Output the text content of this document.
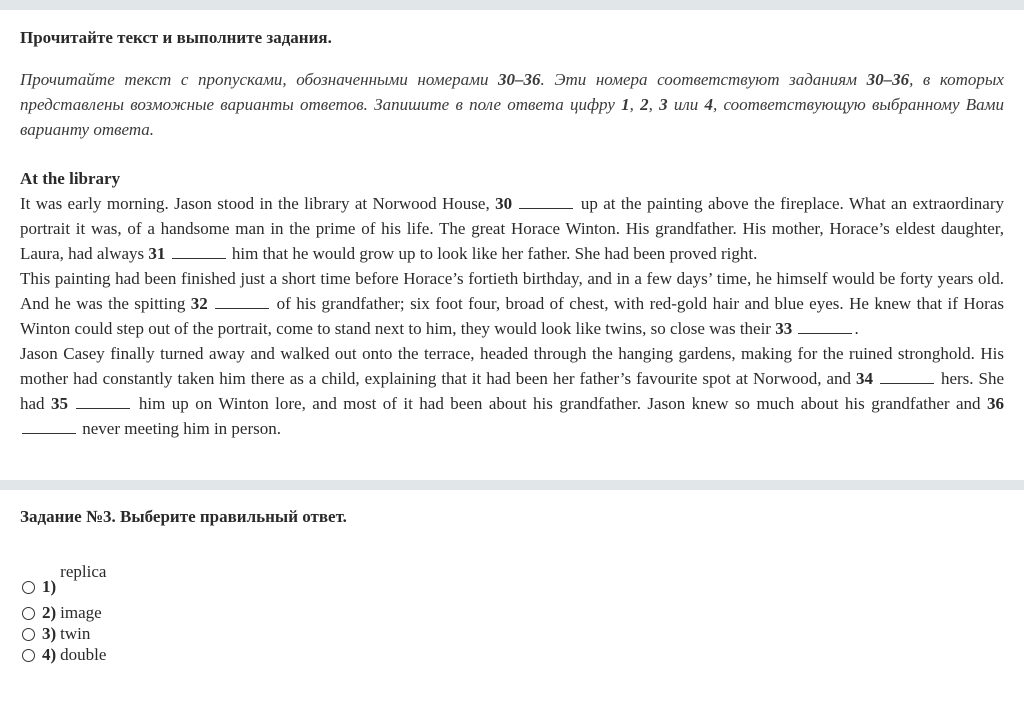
Прочитайте текст и выполните задания.

Прочитайте текст с пропусками, обозначенными номерами 30–36. Эти номера соответствуют заданиям 30–36, в которых представлены возможные варианты ответов. Запишите в поле ответа цифру 1, 2, 3 или 4, соответствующую выбранному Вами варианту ответа.
At the library
It was early morning. Jason stood in the library at Norwood House, 30	up at the painting above the fireplace. What an extraordinary portrait it was, of a handsome man in the prime of his life. The great Horace Winton. His grandfather. His mother, Horace’s eldest daughter, Laura, had always 31	him that he would grow up to look like her father. She had been proved right.
This painting had been finished just a short time before Horace’s fortieth birthday, and in a few days’ time, he himself would be forty years old. And he was the spitting 32	of his grandfather; six foot four, broad of chest, with red-gold hair and blue eyes. He knew that if Horas Winton could step out of the portrait, come to stand next to him, they would look like twins, so close was their 33	.
Jason Casey finally turned away and walked out onto the terrace, headed through the hanging gardens, making for the ruined stronghold. His mother had constantly taken him there as a child, explaining that it had been her father’s favourite spot at Norwood, and 34	hers. She had 35	him up on Winton lore, and most of it had been about his grandfather. Jason knew so much about his grandfather and 36  never meeting him in person.

Задание №3. Выберите правильный ответ.

1)
replica
2) image
3) twin
4) double
